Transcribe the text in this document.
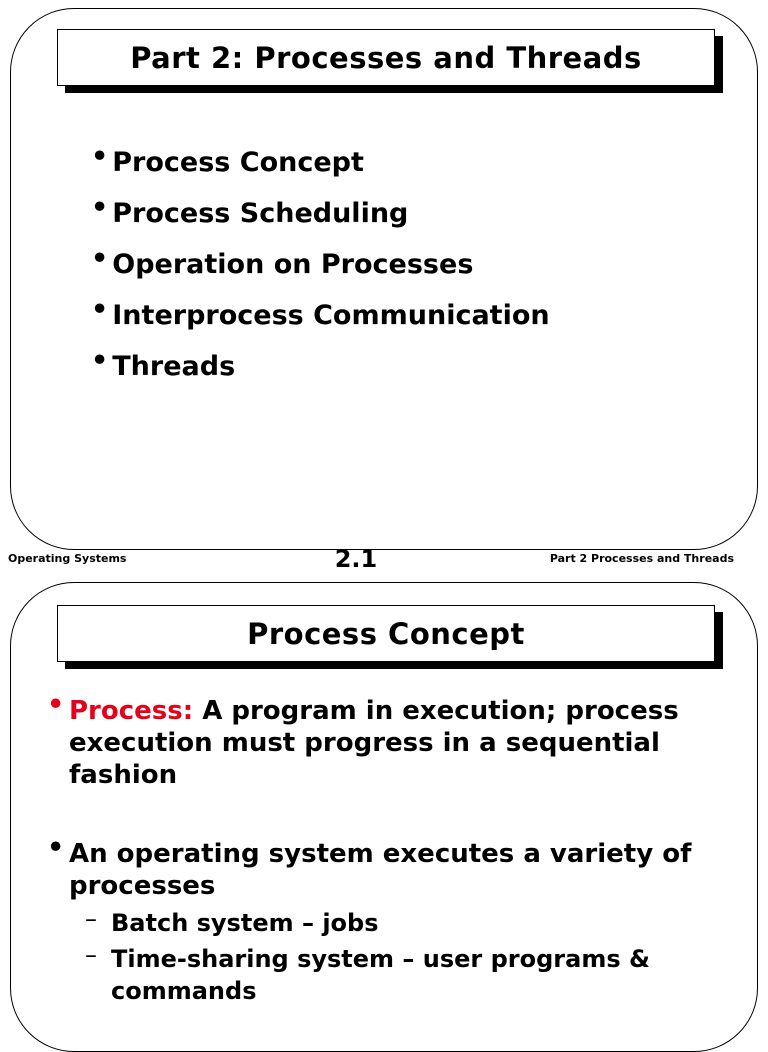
Part 2: Processes and Threads
• Process Concept
• Process Scheduling
• Operation on Processes
• Interprocess Communication
• Threads
Operating Systems	2.1	Part 2 Processes and Threads
Process Concept
• Process: A program in execution; process execution must progress in a sequential fashion
• An operating system executes a variety of processes
– Batch system – jobs
– Time-sharing system – user programs & commands
